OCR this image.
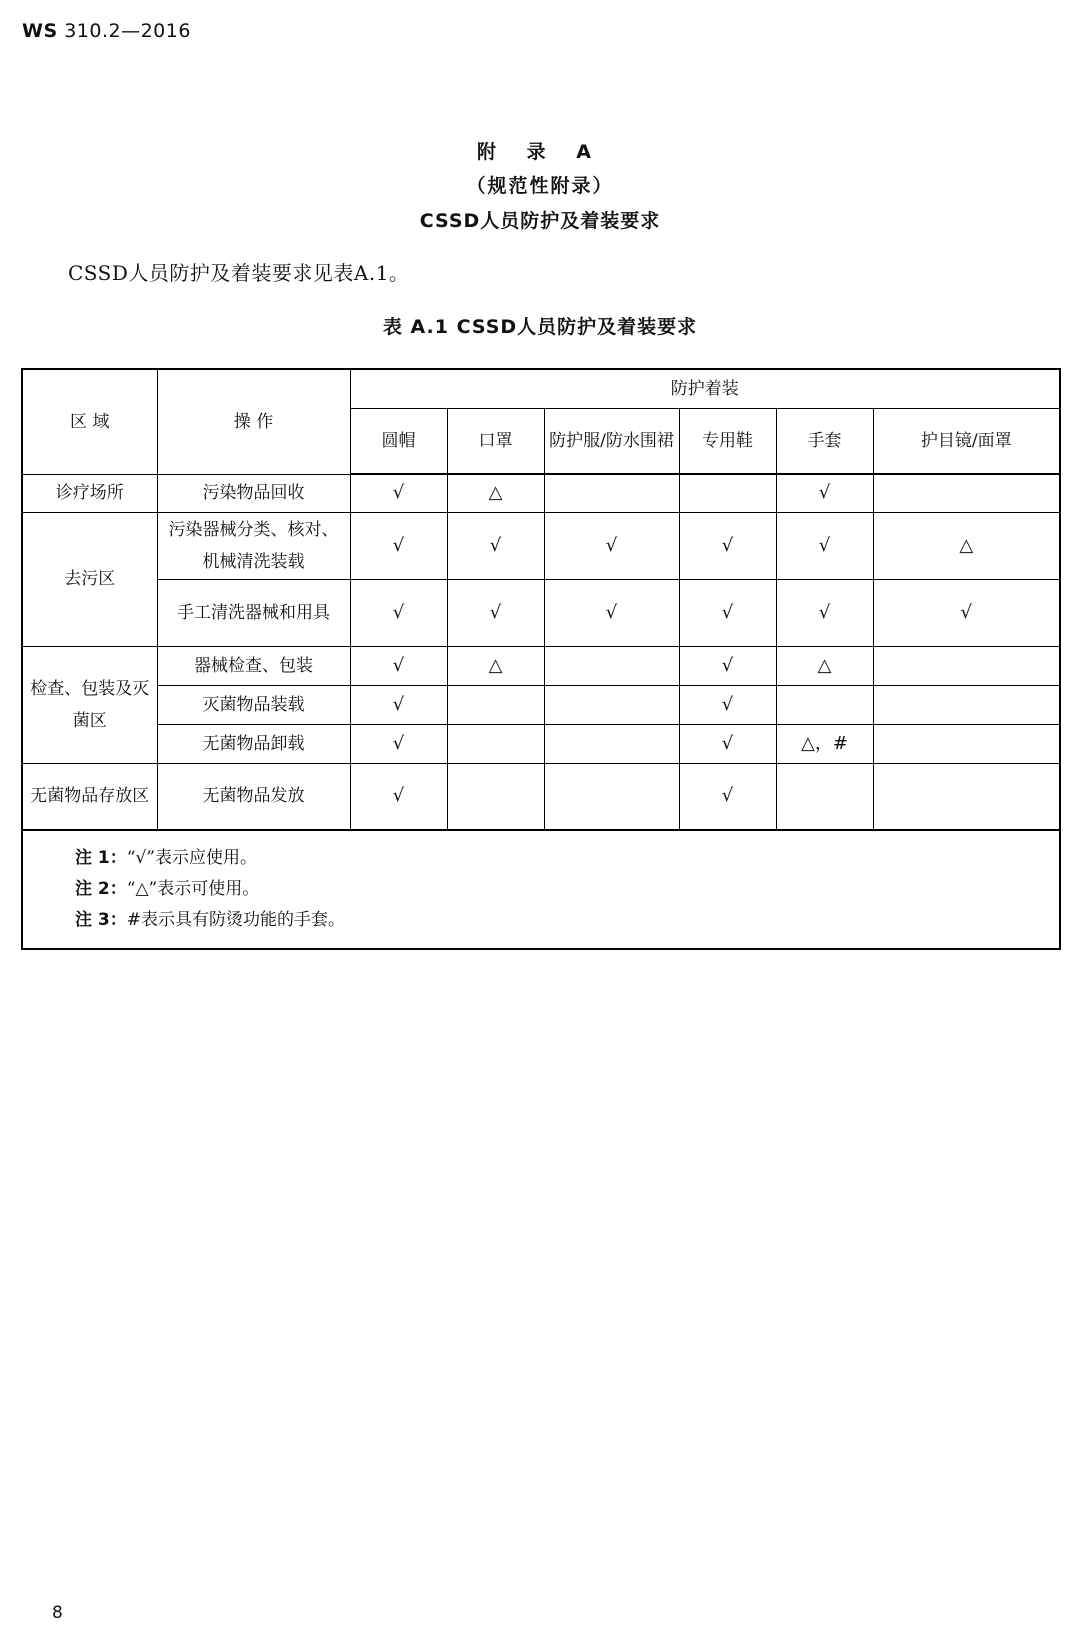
WS 310.2—2016
附 录 A
（规范性附录）
CSSD人员防护及着装要求
CSSD人员防护及着装要求见表A.1。
表 A.1 CSSD人员防护及着装要求
区 域	操 作	防护着装					
		圆帽	口罩	防护服/防水围裙	专用鞋	手套	护目镜/面罩
诊疗场所	污染物品回收	√	△			√	
去污区	污染器械分类、核对、机械清洗装载	√	√	√	√	√	△
	手工清洗器械和用具	√	√	√	√	√	√
检查、包装及灭菌区	器械检查、包装	√	△		√	△	
	灭菌物品装载	√			√		
	无菌物品卸载	√			√	△，#	
无菌物品存放区	无菌物品发放	√			√		
注 1：“√”表示应使用。
注 2：“△”表示可使用。
注 3：#表示具有防烫功能的手套。
8
